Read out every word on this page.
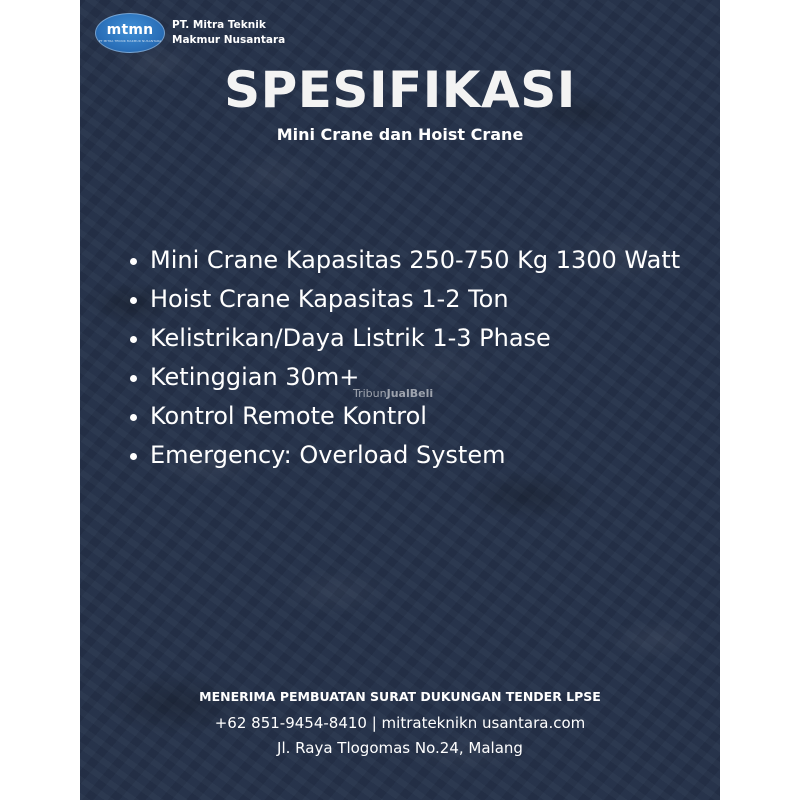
mtmn
PT MITRA TEKNIK MAKMUR NUSANTARA
PT. Mitra Teknik
Makmur Nusantara
SPESIFIKASI
Mini Crane dan Hoist Crane
Mini Crane Kapasitas 250-750 Kg 1300 Watt
Hoist Crane Kapasitas 1-2 Ton
Kelistrikan/Daya Listrik 1-3 Phase
Ketinggian 30m+
Kontrol Remote Kontrol
Emergency: Overload System
TribunJualBeli
MENERIMA PEMBUATAN SURAT DUKUNGAN TENDER LPSE
+62 851-9454-8410 | mitrateknikn usantara.com
Jl. Raya Tlogomas No.24, Malang
